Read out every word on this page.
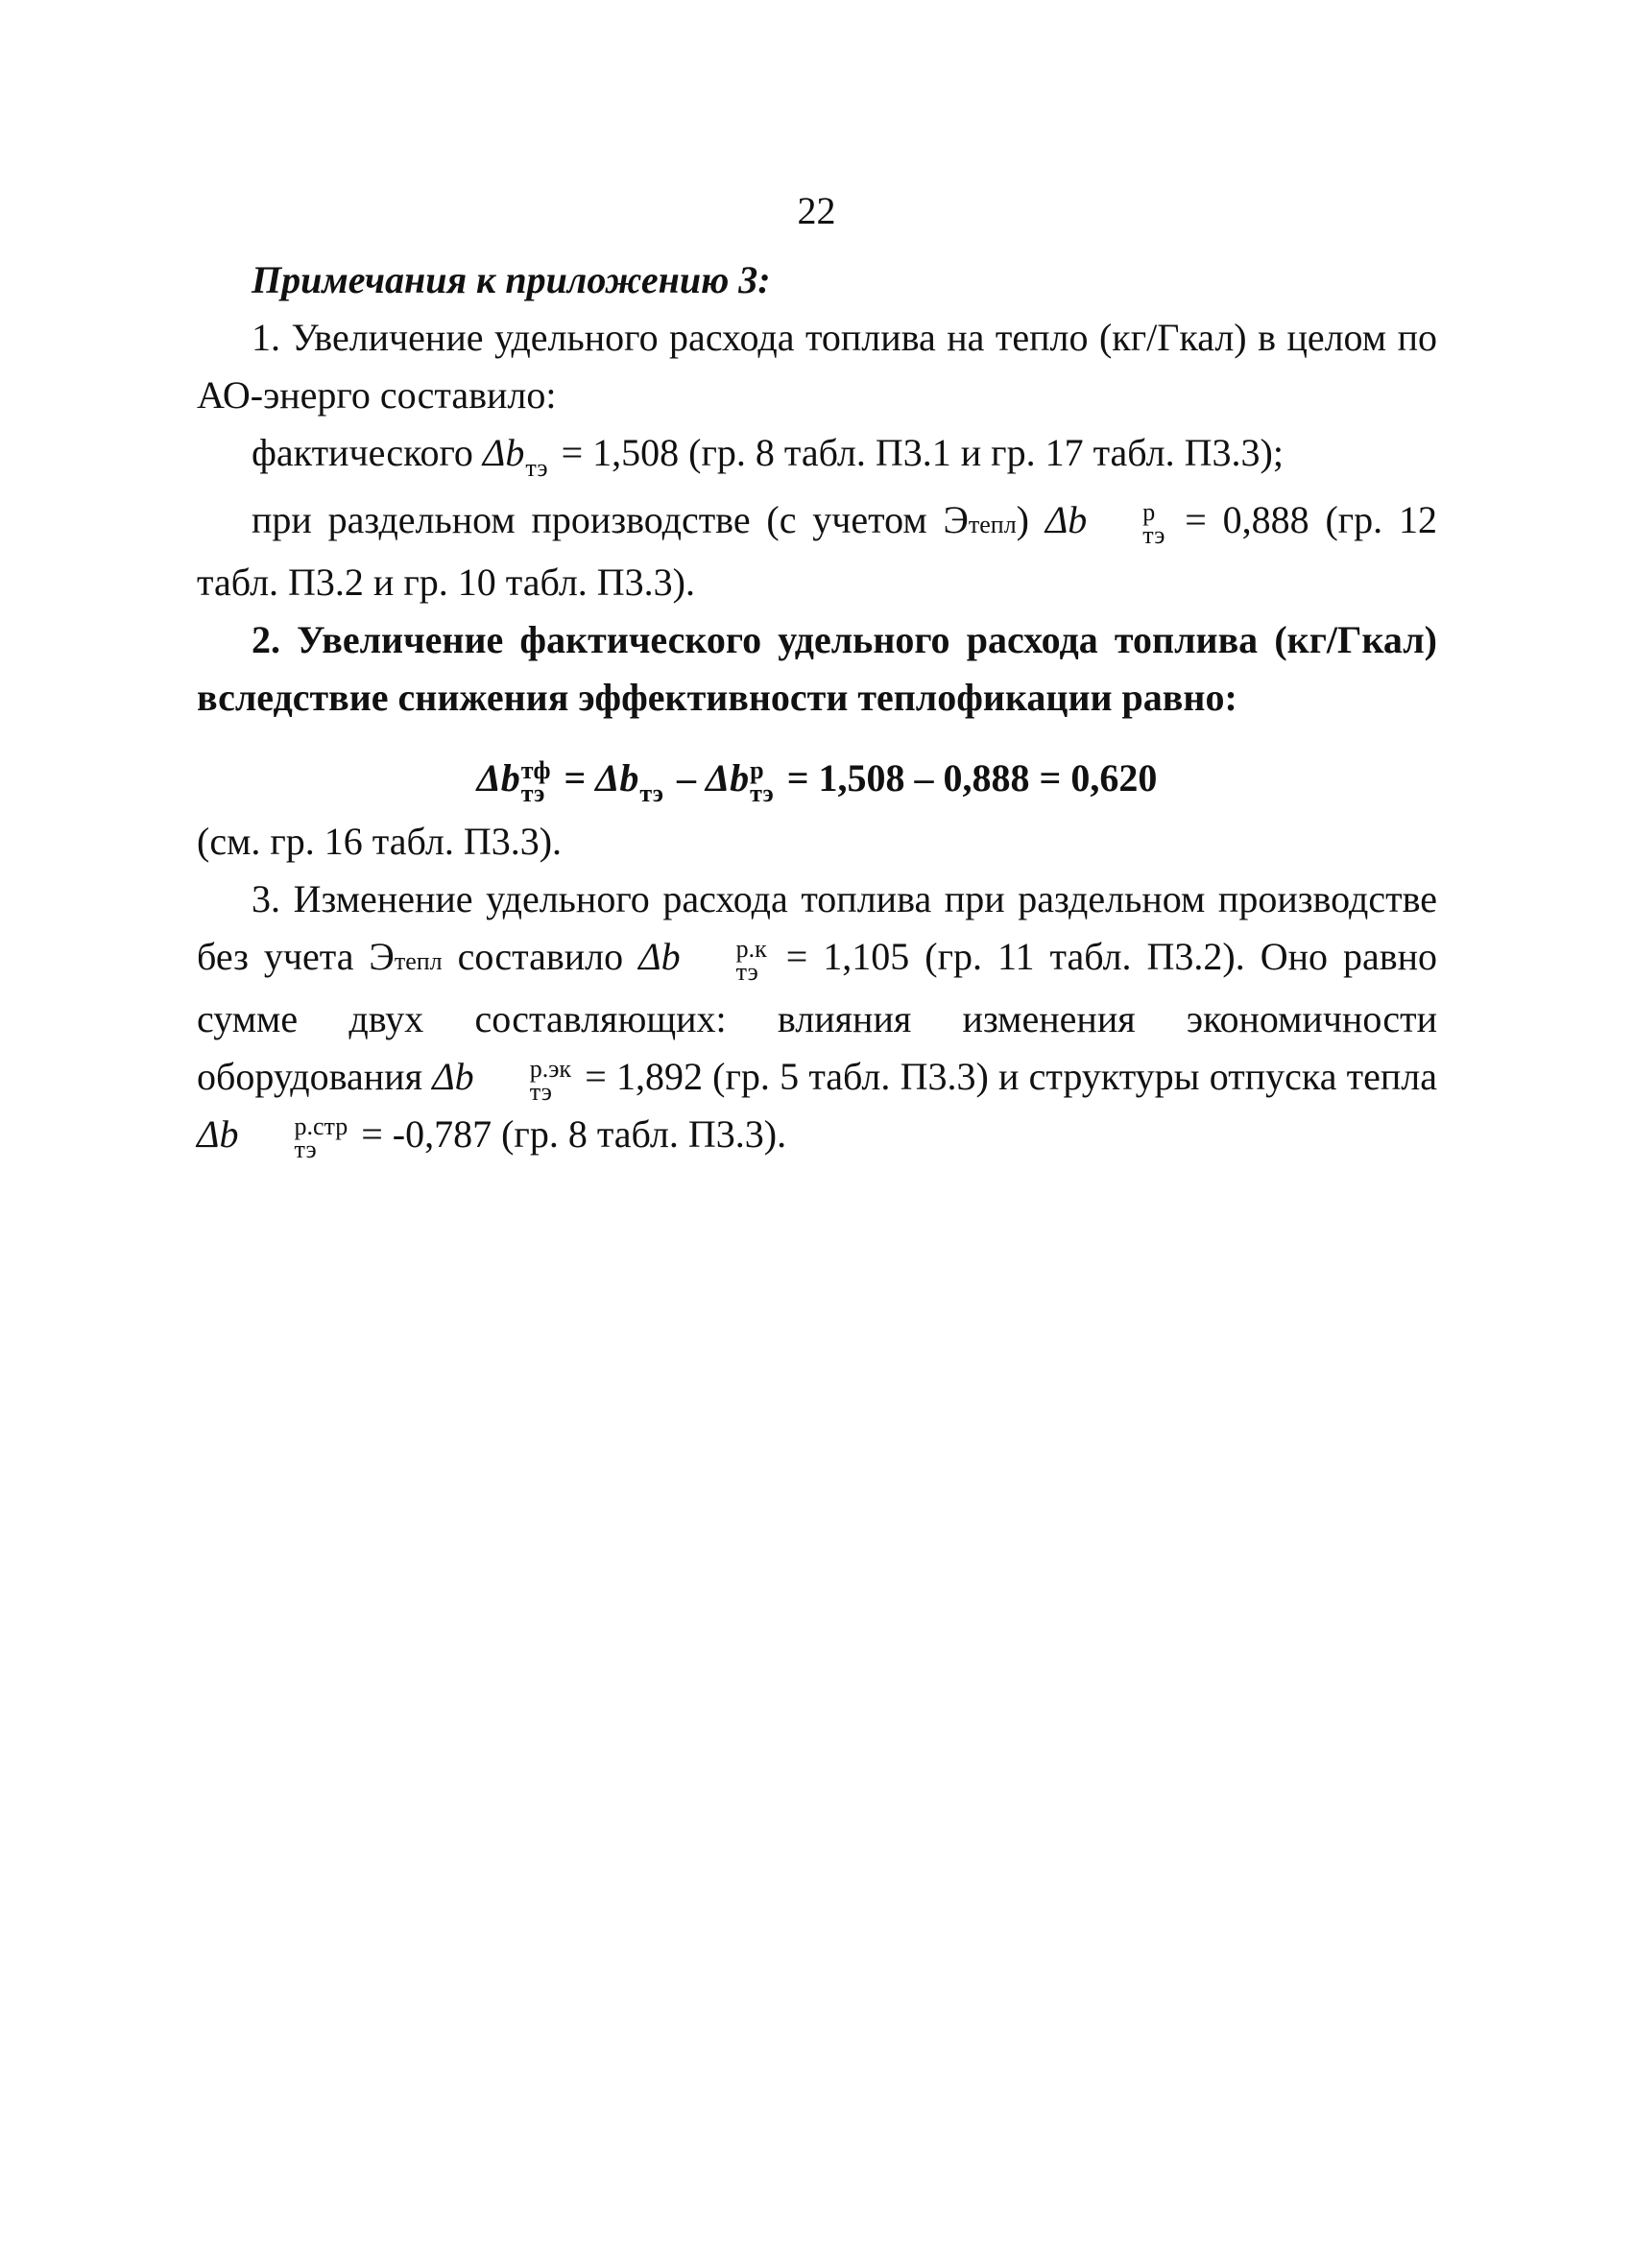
22

Примечания к приложению 3:

1. Увеличение удельного расхода топлива на тепло (кг/Гкал) в целом по АО-энерго составило:

фактического Δb
тэ = 1,508 (гр. 8 табл. П3.1 и гр. 17 табл. П3.3);

при раздельном производстве (с учетом Этепл) Δb	р
тэ = 0,888 (гр. 12 табл. П3.2 и гр. 10 табл. П3.3).

2. Увеличение фактического удельного расхода топлива (кг/Гкал) вследствие снижения эффективности теплофикации равно:

Δb тф
тэ = Δb
тэ – Δb р
тэ = 1,508 – 0,888 = 0,620

(см. гр. 16 табл. П3.3).

3. Изменение удельного расхода топлива при раздельном производстве без учета Этепл составило Δb	р.к
тэ = 1,105 (гр. 11 табл. П3.2). Оно равно сумме двух составляющих: влияния изменения экономичности оборудования Δb	р.эк
тэ = 1,892 (гр. 5 табл. П3.3) и структуры отпуска тепла Δb	р.стр
тэ	= -0,787 (гр. 8 табл. П3.3).
